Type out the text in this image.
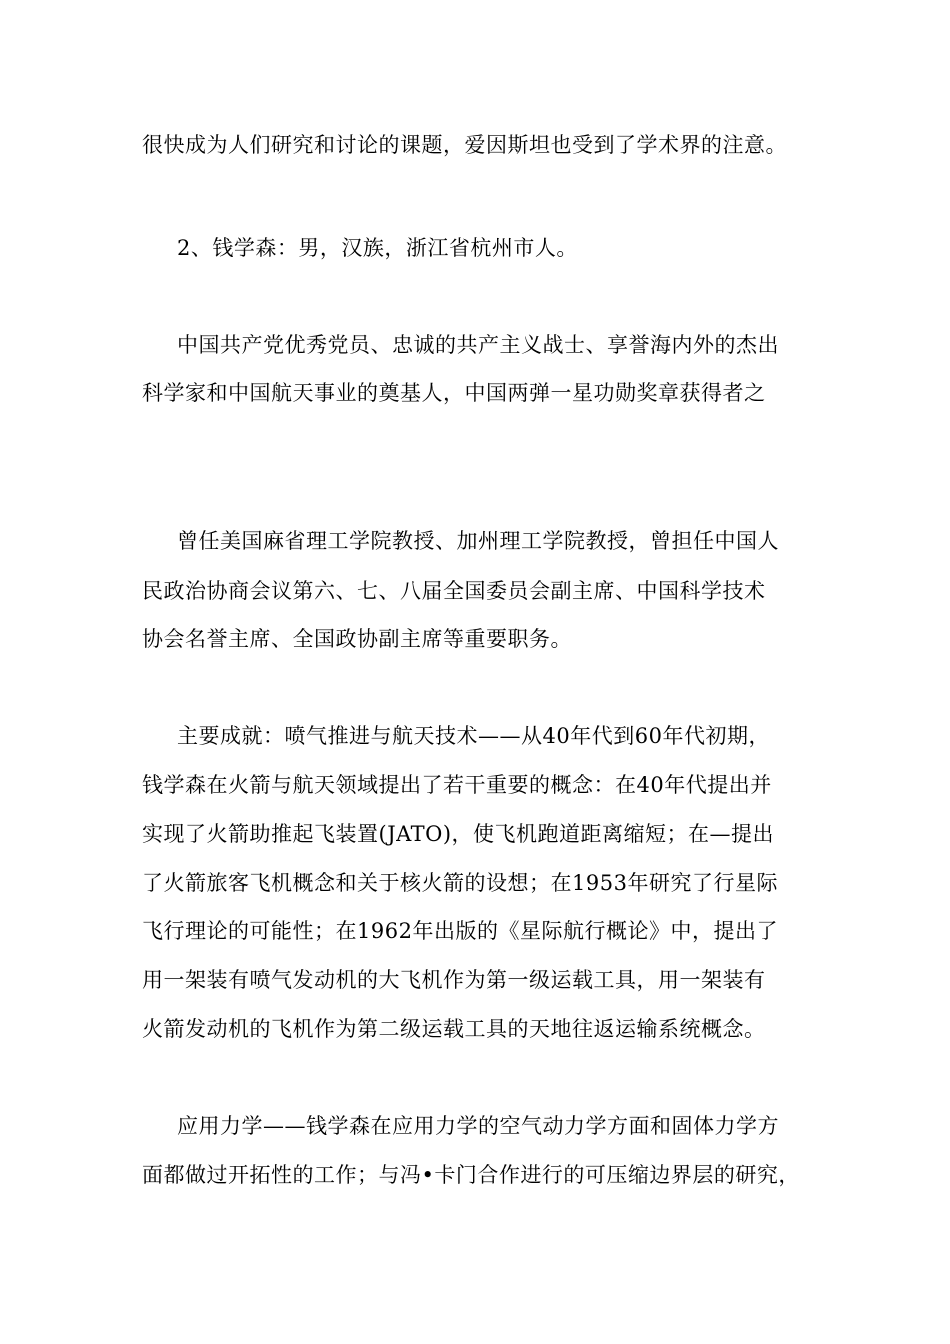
很快成为人们研究和讨论的课题，爱因斯坦也受到了学术界的注意。
2、钱学森：男，汉族，浙江省杭州市人。
中国共产党优秀党员、忠诚的共产主义战士、享誉海内外的杰出
科学家和中国航天事业的奠基人，中国两弹一星功勋奖章获得者之
曾任美国麻省理工学院教授、加州理工学院教授，曾担任中国人
民政治协商会议第六、七、八届全国委员会副主席、中国科学技术
协会名誉主席、全国政协副主席等重要职务。
主要成就：喷气推进与航天技术——从40年代到60年代初期，
钱学森在火箭与航天领域提出了若干重要的概念：在40年代提出并
实现了火箭助推起飞装置(JATO)，使飞机跑道距离缩短；在—提出
了火箭旅客飞机概念和关于核火箭的设想；在1953年研究了行星际
飞行理论的可能性；在1962年出版的《星际航行概论》中，提出了
用一架装有喷气发动机的大飞机作为第一级运载工具，用一架装有
火箭发动机的飞机作为第二级运载工具的天地往返运输系统概念。
应用力学——钱学森在应用力学的空气动力学方面和固体力学方
面都做过开拓性的工作；与冯•卡门合作进行的可压缩边界层的研究，
